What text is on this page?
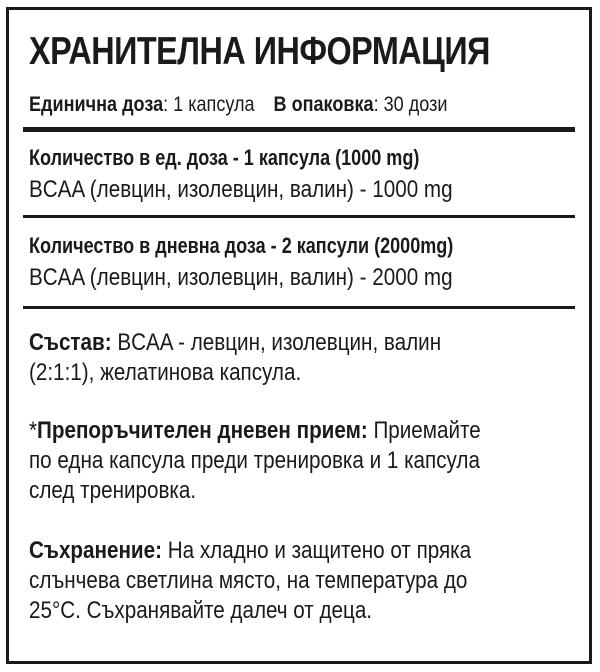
ХРАНИТЕЛНА ИНФОРМАЦИЯ
Единична доза: 1 капсула В опаковка: 30 дози
Количество в ед. доза - 1 капсула (1000 mg)
BCAA (левцин, изолевцин, валин) - 1000 mg
Количество в дневна доза - 2 капсули (2000mg)
BCAA (левцин, изолевцин, валин) - 2000 mg
Състав: BCAA - левцин, изолевцин, валин
(2:1:1), желатинова капсула.
*Препоръчителен дневен прием: Приемайте
по една капсула преди тренировка и 1 капсула
след тренировка.
Съхранение: На хладно и защитено от пряка
слънчева светлина място, на температура до
25°C. Съхранявайте далеч от деца.
